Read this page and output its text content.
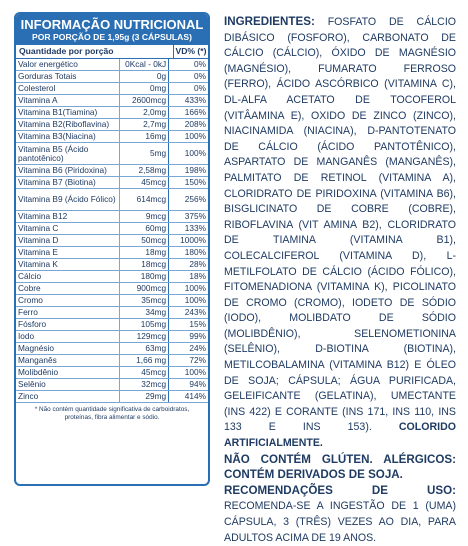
INFORMAÇÃO NUTRICIONAL
POR PORÇÃO DE 1,95g (3 CÁPSULAS)
Quantidade por porção	VD% (*)
Valor energético	0Kcal - 0kJ	0%
Gorduras Totais	0g	0%
Colesterol	0mg	0%
Vitamina A	2600mcg	433%
Vitamina B1(Tiamina)	2,0mg	166%
Vitamina B2(Riboflavina)	2,7mg	208%
Vitamina B3(Niacina)	16mg	100%
Vitamina B5 (Ácido pantotênico)	5mg	100%
Vitamina B6 (Piridoxina)	2,58mg	198%
Vitamina B7 (Biotina)	45mcg	150%
Vitamina B9 (Ácido Fólico)	614mcg	256%
Vitamina B12	9mcg	375%
Vitamina C	60mg	133%
Vitamina D	50mcg	1000%
Vitamina E	18mg	180%
Vitamina K	18mcg	28%
Cálcio	180mg	18%
Cobre	900mcg	100%
Cromo	35mcg	100%
Ferro	34mg	243%
Fósforo	105mg	15%
Iodo	129mcg	99%
Magnésio	63mg	24%
Manganês	1,66 mg	72%
Molibdênio	45mcg	100%
Selênio	32mcg	94%
Zinco	29mg	414%
* Não contém quantidade significativa de carboidratos, proteínas, fibra alimentar e sódio.

INGREDIENTES: FOSFATO DE CÁLCIO DIBÁSICO (FOSFORO), CARBONATO DE CÁLCIO (CÁLCIO), ÓXIDO DE MAGNÉSIO (MAGNÉSIO), FUMARATO FERROSO (FERRO), ÁCIDO ASCÓRBICO (VITAMINA C), DL-ALFA ACETATO DE TOCOFEROL (VITÂAMINA E), OXIDO DE ZINCO (ZINCO), NIACINAMIDA (NIACINA), D-PANTOTENATO DE CÁLCIO (ÁCIDO PANTOTÊNICO), ASPARTATO DE MANGANÊS (MANGANÊS), PALMITATO DE RETINOL (VITAMINA A), CLORIDRATO DE PIRIDOXINA (VITAMINA B6), BISGLICINATO DE COBRE (COBRE), RIBOFLAVINA (VIT AMINA B2), CLORIDRATO DE TIAMINA (VITAMINA B1), COLECALCIFEROL (VITAMINA D), L-METILFOLATO DE CÁLCIO (ÁCIDO FÓLICO), FITOMENADIONA (VITAMINA K), PICOLINATO DE CROMO (CROMO), IODETO DE SÓDIO (IODO), MOLIBDATO DE SÓDIO (MOLIBDÊNIO), SELENOMETIONINA (SELÊNIO), D-BIOTINA (BIOTINA), METILCOBALAMINA (VITAMINA B12) E ÓLEO DE SOJA; CÁPSULA; ÁGUA PURIFICADA, GELEIFICANTE (GELATINA), UMECTANTE (INS 422) E CORANTE (INS 171, INS 110, INS 133 E INS 153).	COLORIDO ARTIFICIALMENTE.

NÃO CONTÉM GLÚTEN. ALÉRGICOS: CONTÉM DERIVADOS DE SOJA.

RECOMENDAÇÕES DE USO: RECOMENDA-SE A INGESTÃO DE 1 (UMA) CÁPSULA, 3 (TRÊS) VEZES AO DIA, PARA ADULTOS ACIMA DE 19 ANOS.
